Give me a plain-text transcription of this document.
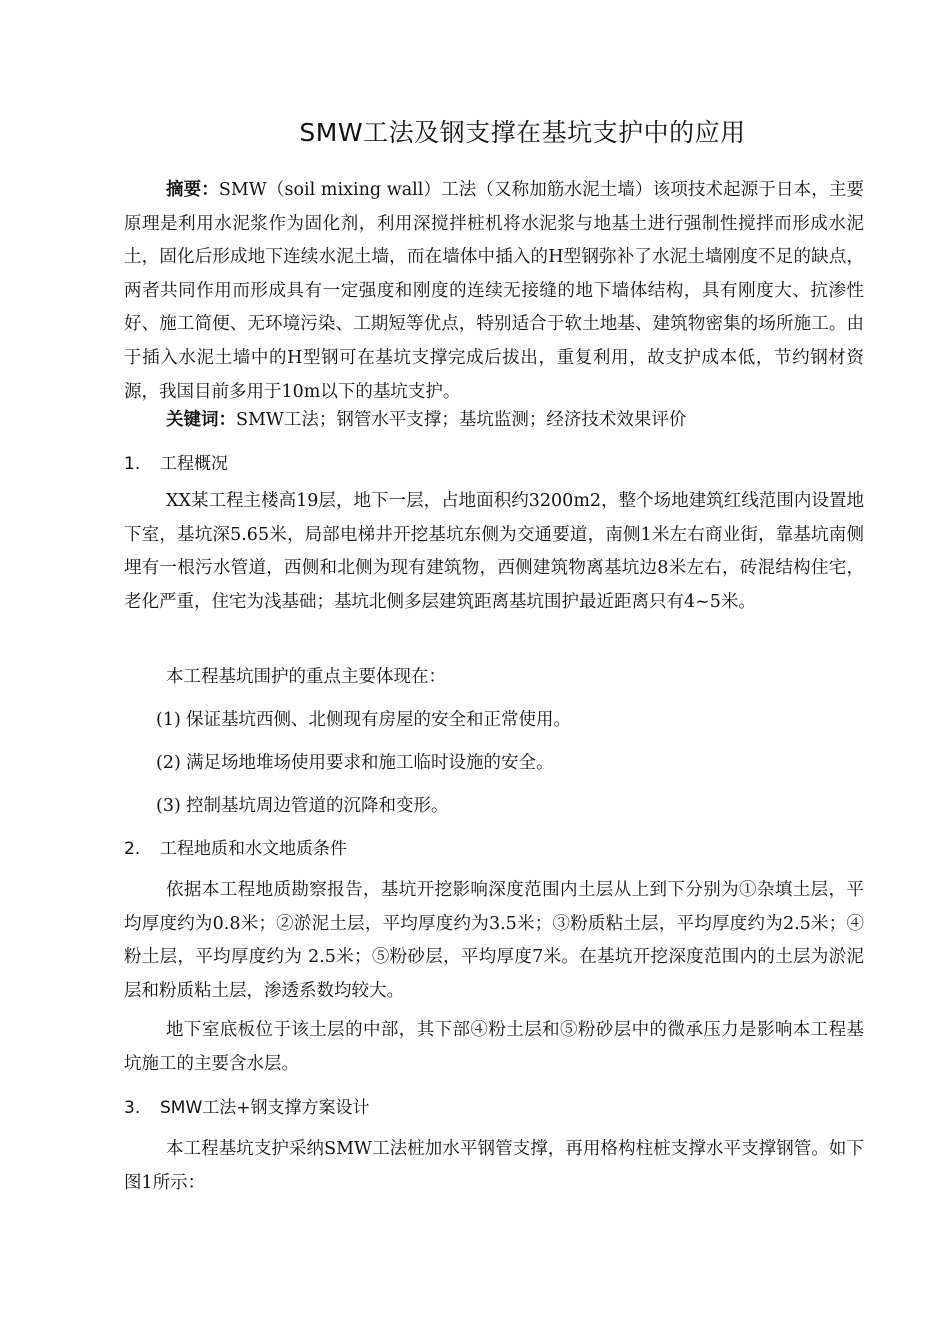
SMW工法及钢支撑在基坑支护中的应用

摘要：SMW（soil mixing wall）工法（又称加筋水泥土墙）该项技术起源于日本，主要原理是利用水泥浆作为固化剂，利用深搅拌桩机将水泥浆与地基土进行强制性搅拌而形成水泥土，固化后形成地下连续水泥土墙，而在墙体中插入的H型钢弥补了水泥土墙刚度不足的缺点，两者共同作用而形成具有一定强度和刚度的连续无接缝的地下墙体结构，具有刚度大、抗渗性好、施工简便、无环境污染、工期短等优点，特别适合于软土地基、建筑物密集的场所施工。由于插入水泥土墙中的H型钢可在基坑支撑完成后拔出，重复利用，故支护成本低，节约钢材资源，我国目前多用于10m以下的基坑支护。

关键词：SMW工法；钢管水平支撑；基坑监测；经济技术效果评价

1. 工程概况

XX某工程主楼高19层，地下一层，占地面积约3200m2，整个场地建筑红线范围内设置地下室，基坑深5.65米，局部电梯井开挖基坑东侧为交通要道，南侧1米左右商业街，靠基坑南侧埋有一根污水管道，西侧和北侧为现有建筑物，西侧建筑物离基坑边8米左右，砖混结构住宅，老化严重，住宅为浅基础；基坑北侧多层建筑距离基坑围护最近距离只有4~5米。

本工程基坑围护的重点主要体现在：

(1) 保证基坑西侧、北侧现有房屋的安全和正常使用。
(2) 满足场地堆场使用要求和施工临时设施的安全。
(3) 控制基坑周边管道的沉降和变形。
2. 工程地质和水文地质条件

依据本工程地质勘察报告，基坑开挖影响深度范围内土层从上到下分别为①杂填土层，平均厚度约为0.8米；②淤泥土层，平均厚度约为3.5米；③粉质粘土层，平均厚度约为2.5米；④粉土层，平均厚度约为 2.5米；⑤粉砂层，平均厚度7米。在基坑开挖深度范围内的土层为淤泥层和粉质粘土层，渗透系数均较大。

地下室底板位于该土层的中部，其下部④粉土层和⑤粉砂层中的微承压力是影响本工程基坑施工的主要含水层。

3. SMW工法+钢支撑方案设计

本工程基坑支护采纳SMW工法桩加水平钢管支撑，再用格构柱桩支撑水平支撑钢管。如下图1所示：
